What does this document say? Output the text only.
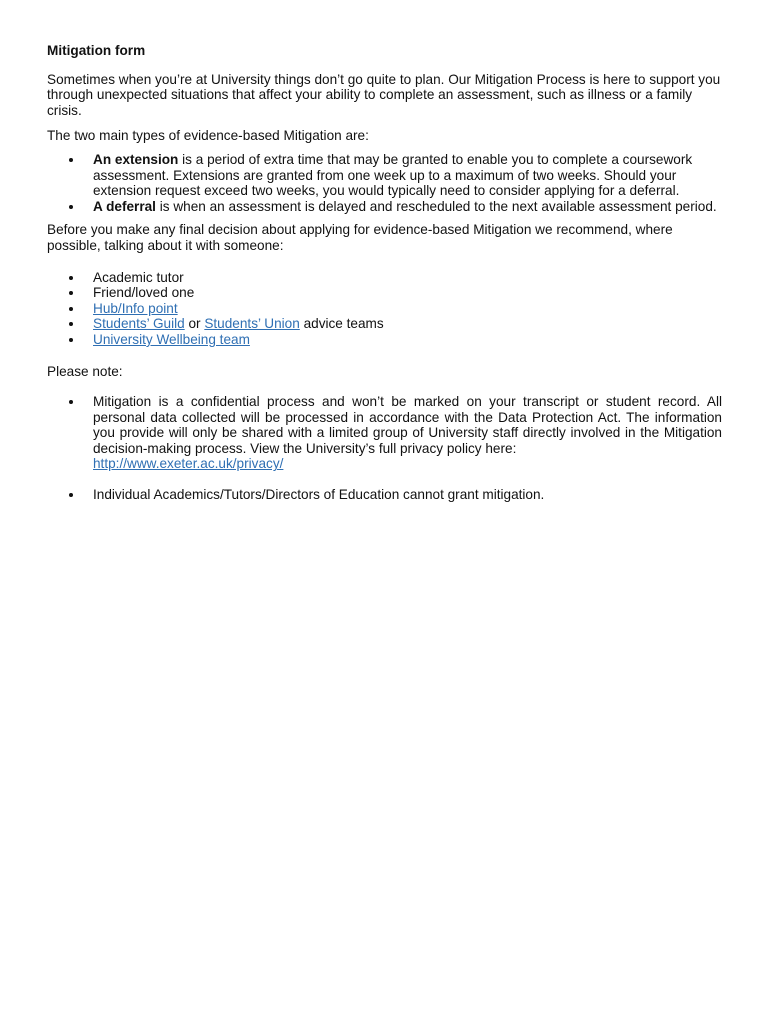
Mitigation form

Sometimes when you’re at University things don’t go quite to plan. Our Mitigation Process is here to support you through unexpected situations that affect your ability to complete an assessment, such as illness or a family crisis.

The two main types of evidence-based Mitigation are:

An extension is a period of extra time that may be granted to enable you to complete a coursework assessment. Extensions are granted from one week up to a maximum of two weeks. Should your extension request exceed two weeks, you would typically need to consider applying for a deferral.
A deferral is when an assessment is delayed and rescheduled to the next available assessment period.

Before you make any final decision about applying for evidence-based Mitigation we recommend, where possible, talking about it with someone:

Academic tutor
Friend/loved one
Hub/Info point
Students’ Guild or Students’ Union advice teams
University Wellbeing team

Please note:

Mitigation is a confidential process and won’t be marked on your transcript or student record. All personal data collected will be processed in accordance with the Data Protection Act. The information you provide will only be shared with a limited group of University staff directly involved in the Mitigation decision-making process. View the University’s full privacy policy here:
http://www.exeter.ac.uk/privacy/
Individual Academics/Tutors/Directors of Education cannot grant mitigation.
